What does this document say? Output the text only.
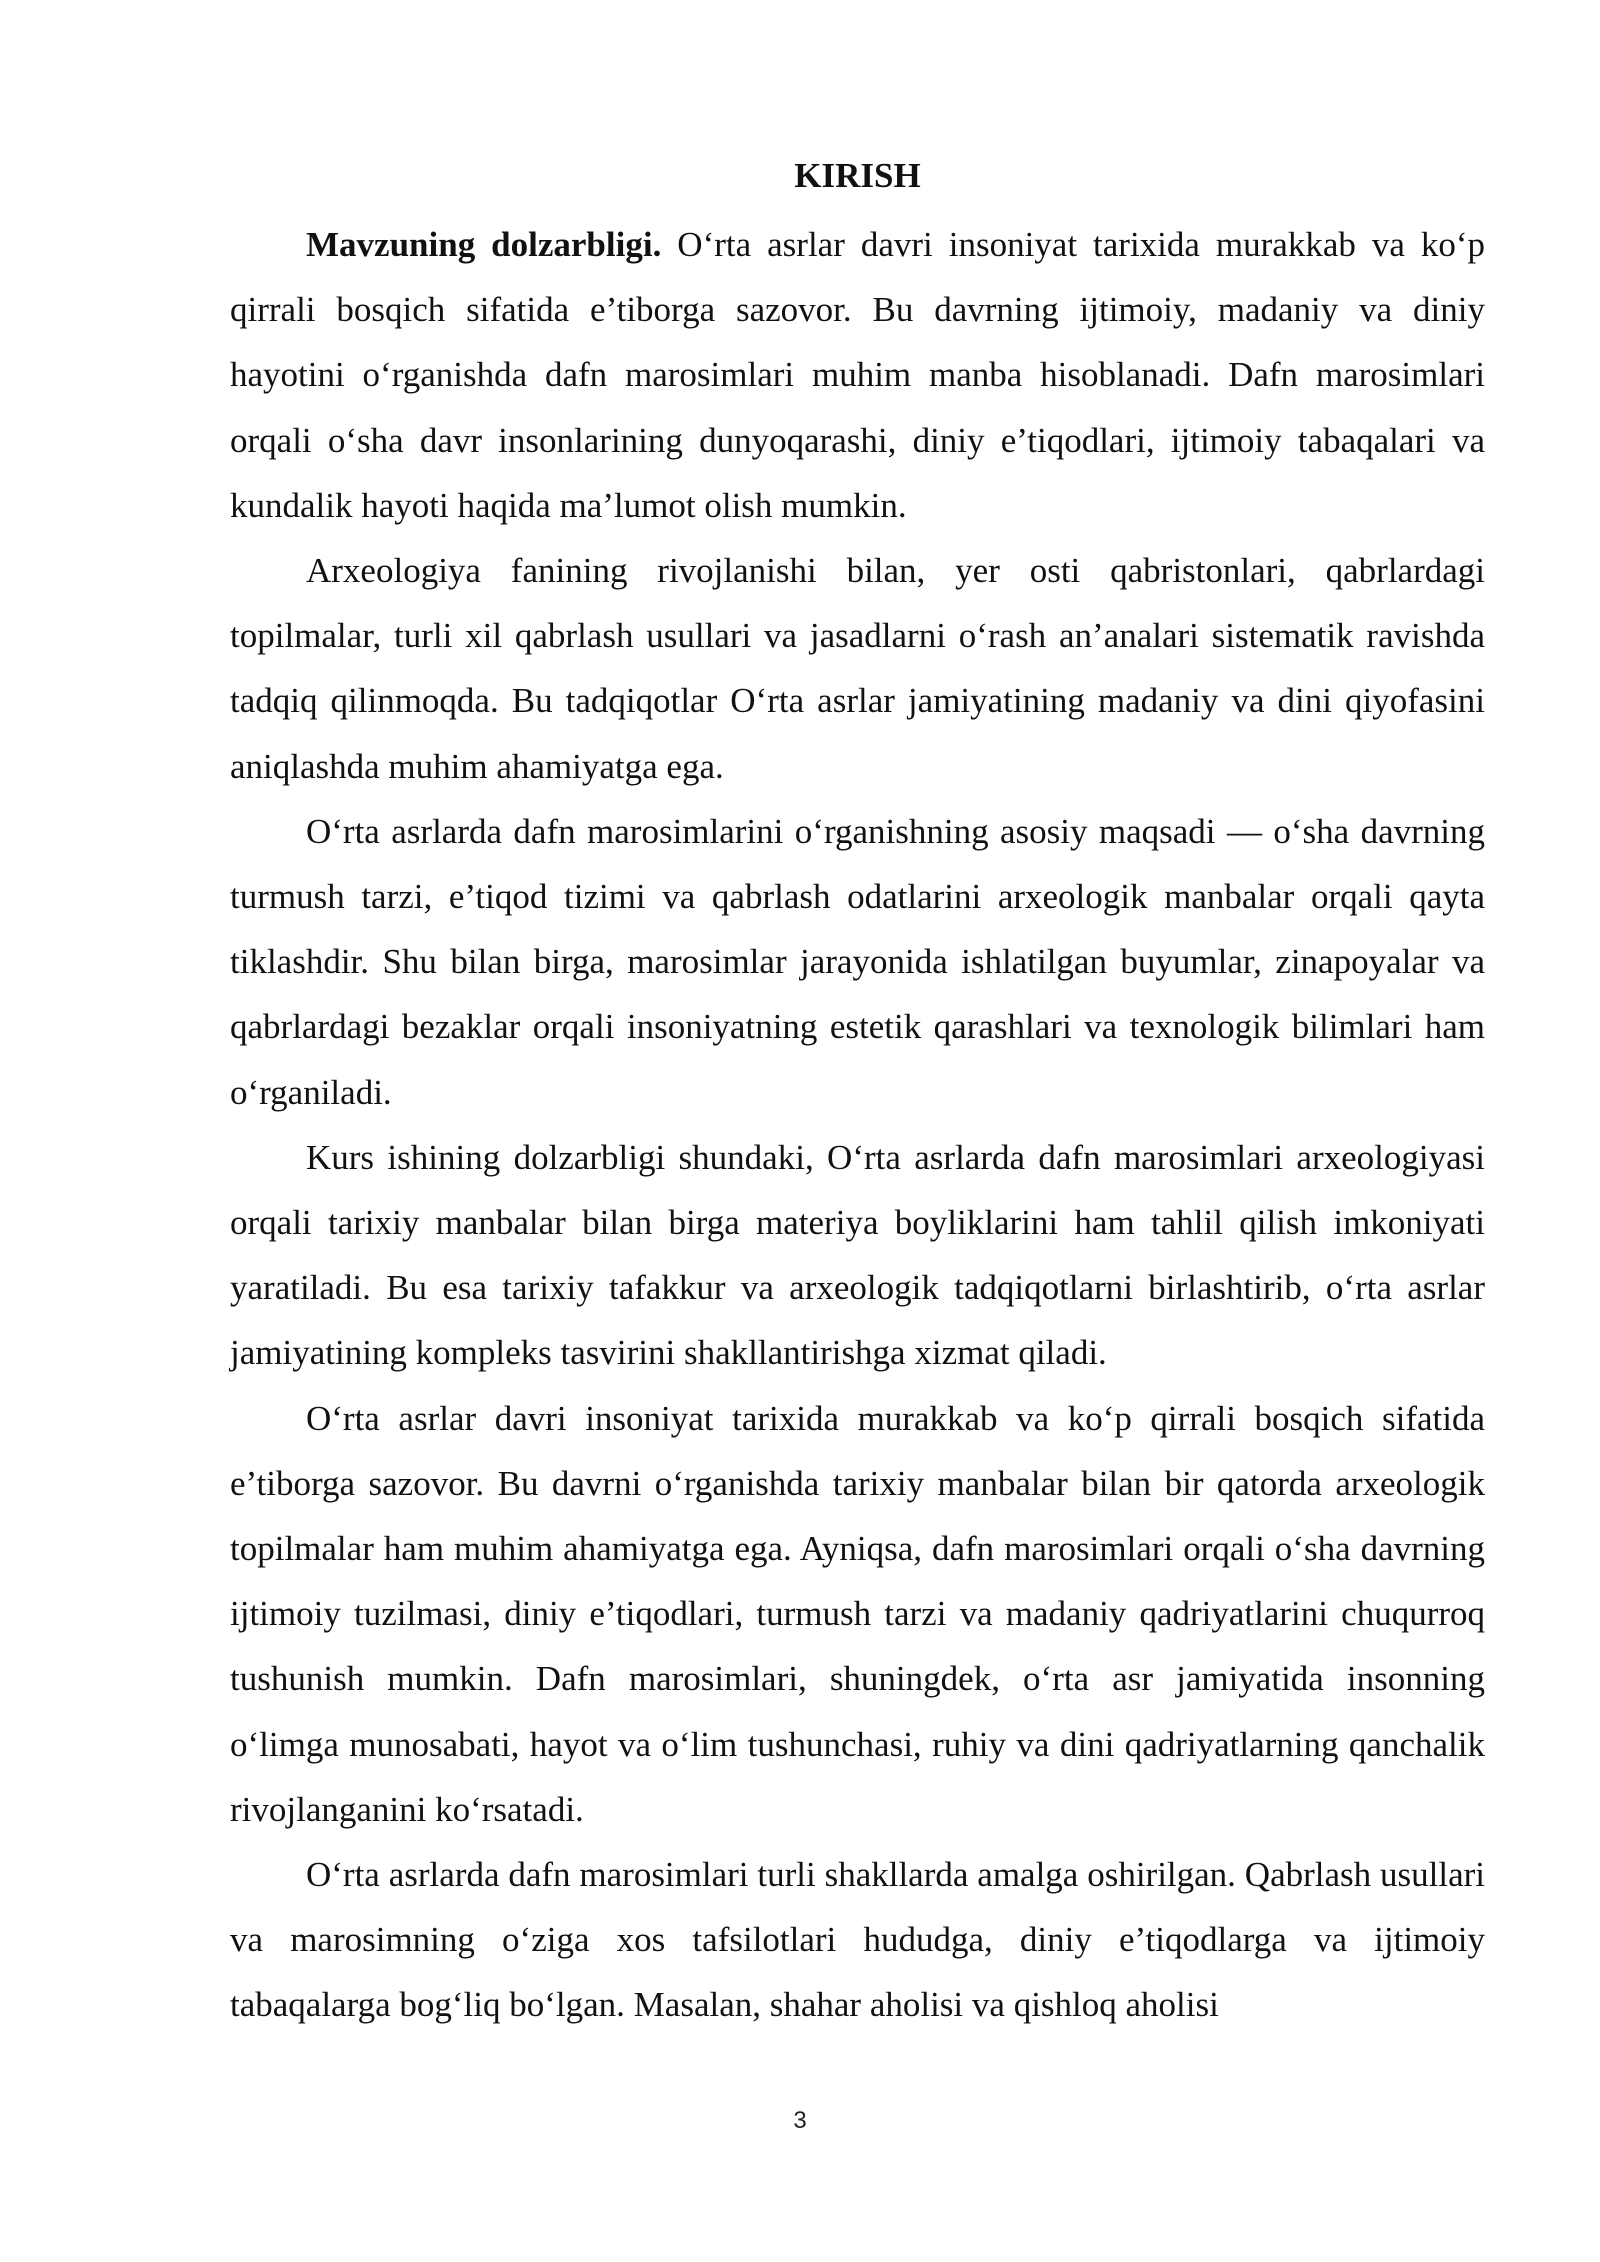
KIRISH

Mavzuning dolzarbligi. O‘rta asrlar davri insoniyat tarixida murakkab va ko‘p qirrali bosqich sifatida e’tiborga sazovor. Bu davrning ijtimoiy, madaniy va diniy hayotini o‘rganishda dafn marosimlari muhim manba hisoblanadi. Dafn marosimlari orqali o‘sha davr insonlarining dunyoqarashi, diniy e’tiqodlari, ijtimoiy tabaqalari va kundalik hayoti haqida ma’lumot olish mumkin.

Arxeologiya fanining rivojlanishi bilan, yer osti qabristonlari, qabrlardagi topilmalar, turli xil qabrlash usullari va jasadlarni o‘rash an’analari sistematik ravishda tadqiq qilinmoqda. Bu tadqiqotlar O‘rta asrlar jamiyatining madaniy va dini qiyofasini aniqlashda muhim ahamiyatga ega.

O‘rta asrlarda dafn marosimlarini o‘rganishning asosiy maqsadi — o‘sha davrning turmush tarzi, e’tiqod tizimi va qabrlash odatlarini arxeologik manbalar orqali qayta tiklashdir. Shu bilan birga, marosimlar jarayonida ishlatilgan buyumlar, zinapoyalar va qabrlardagi bezaklar orqali insoniyatning estetik qarashlari va texnologik bilimlari ham o‘rganiladi.

Kurs ishining dolzarbligi shundaki, O‘rta asrlarda dafn marosimlari arxeologiyasi orqali tarixiy manbalar bilan birga materiya boyliklarini ham tahlil qilish imkoniyati yaratiladi. Bu esa tarixiy tafakkur va arxeologik tadqiqotlarni birlashtirib, o‘rta asrlar jamiyatining kompleks tasvirini shakllantirishga xizmat qiladi.

O‘rta asrlar davri insoniyat tarixida murakkab va ko‘p qirrali bosqich sifatida e’tiborga sazovor. Bu davrni o‘rganishda tarixiy manbalar bilan bir qatorda arxeologik topilmalar ham muhim ahamiyatga ega. Ayniqsa, dafn marosimlari orqali o‘sha davrning ijtimoiy tuzilmasi, diniy e’tiqodlari, turmush tarzi va madaniy qadriyatlarini chuqurroq tushunish mumkin. Dafn marosimlari, shuningdek, o‘rta asr jamiyatida insonning o‘limga munosabati, hayot va o‘lim tushunchasi, ruhiy va dini qadriyatlarning qanchalik rivojlanganini ko‘rsatadi.

O‘rta asrlarda dafn marosimlari turli shakllarda amalga oshirilgan. Qabrlash usullari va marosimning o‘ziga xos tafsilotlari hududga, diniy e’tiqodlarga va ijtimoiy tabaqalarga bog‘liq bo‘lgan. Masalan, shahar aholisi va qishloq aholisi

3
